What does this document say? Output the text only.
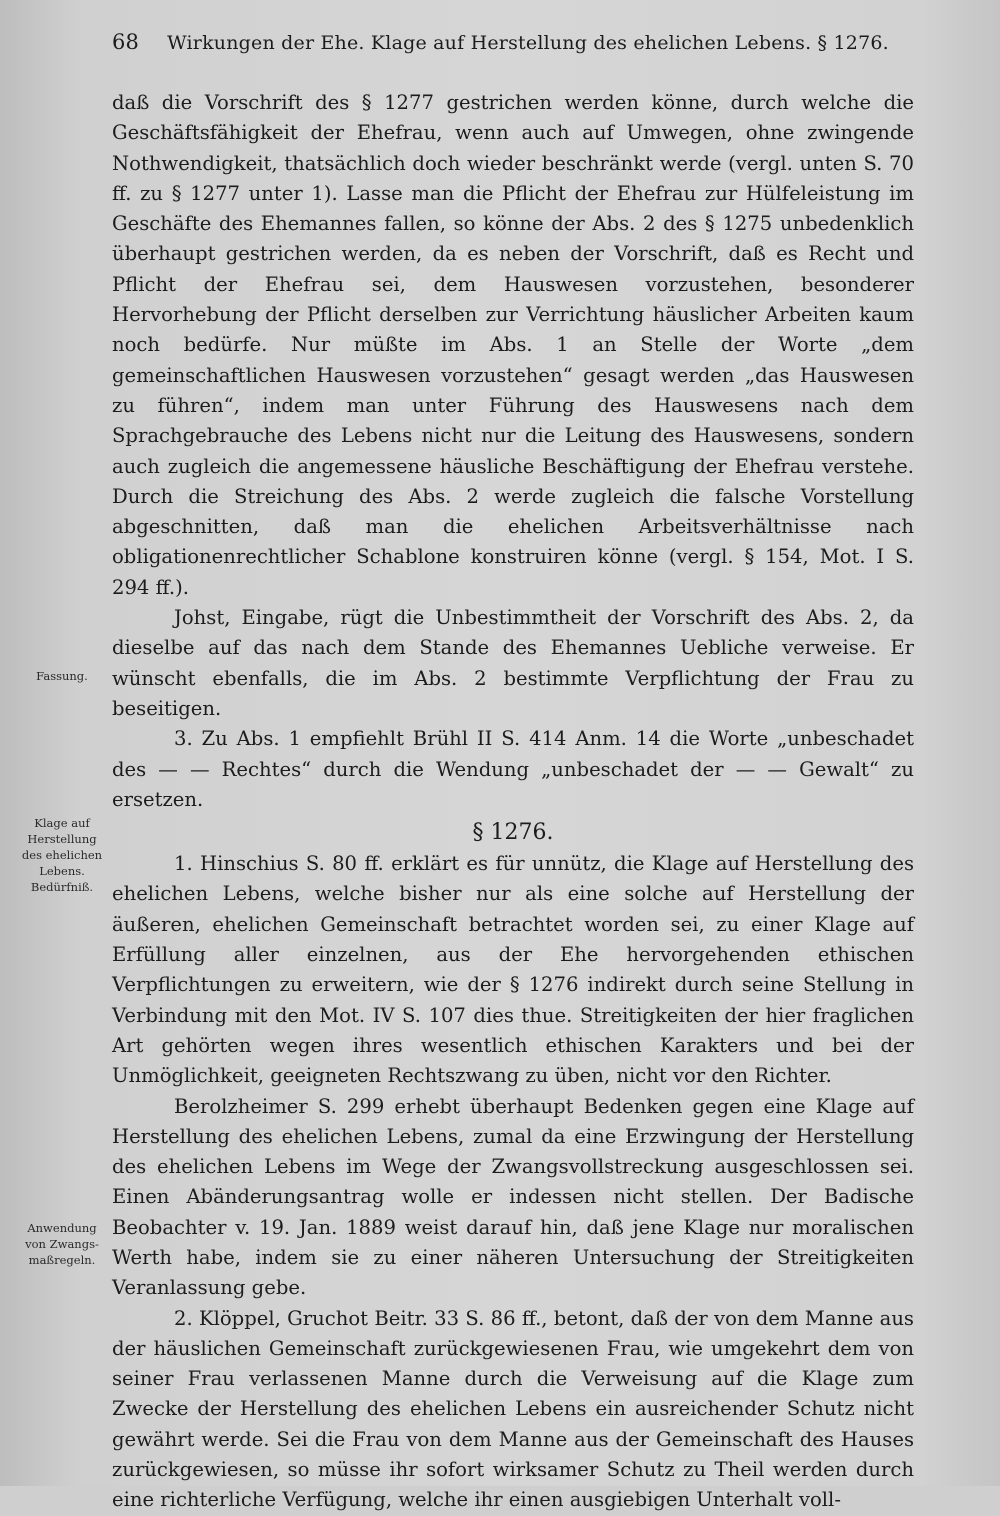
68 Wirkungen der Ehe. Klage auf Herstellung des ehelichen Lebens. § 1276.

daß die Vorschrift des § 1277 gestrichen werden könne, durch welche die Geschäftsfähigkeit der Ehefrau, wenn auch auf Umwegen, ohne zwingende Nothwendigkeit, thatsächlich doch wieder beschränkt werde (vergl. unten S. 70 ff. zu § 1277 unter 1). Lasse man die Pflicht der Ehefrau zur Hülfeleistung im Geschäfte des Ehemannes fallen, so könne der Abs. 2 des § 1275 unbedenklich überhaupt gestrichen werden, da es neben der Vorschrift, daß es Recht und Pflicht der Ehefrau sei, dem Hauswesen vorzustehen, besonderer Hervorhebung der Pflicht derselben zur Verrichtung häuslicher Arbeiten kaum noch bedürfe. Nur müßte im Abs. 1 an Stelle der Worte „dem gemeinschaftlichen Hauswesen vorzustehen“ gesagt werden „das Hauswesen zu führen“, indem man unter Führung des Hauswesens nach dem Sprachgebrauche des Lebens nicht nur die Leitung des Hauswesens, sondern auch zugleich die angemessene häusliche Beschäftigung der Ehefrau verstehe. Durch die Streichung des Abs. 2 werde zugleich die falsche Vorstellung abgeschnitten, daß man die ehelichen Arbeitsverhältnisse nach obligationenrechtlicher Schablone konstruiren könne (vergl. § 154, Mot. I S. 294 ff.).

Johst, Eingabe, rügt die Unbestimmtheit der Vorschrift des Abs. 2, da dieselbe auf das nach dem Stande des Ehemannes Uebliche verweise. Er wünscht ebenfalls, die im Abs. 2 bestimmte Verpflichtung der Frau zu beseitigen.

3. Zu Abs. 1 empfiehlt Brühl II S. 414 Anm. 14 die Worte „unbeschadet des — — Rechtes“ durch die Wendung „unbeschadet der — — Gewalt“ zu ersetzen.

§ 1276.

1. Hinschius S. 80 ff. erklärt es für unnütz, die Klage auf Herstellung des ehelichen Lebens, welche bisher nur als eine solche auf Herstellung der äußeren, ehelichen Gemeinschaft betrachtet worden sei, zu einer Klage auf Erfüllung aller einzelnen, aus der Ehe hervorgehenden ethischen Verpflichtungen zu erweitern, wie der § 1276 indirekt durch seine Stellung in Verbindung mit den Mot. IV S. 107 dies thue. Streitigkeiten der hier fraglichen Art gehörten wegen ihres wesentlich ethischen Karakters und bei der Unmöglichkeit, geeigneten Rechtszwang zu üben, nicht vor den Richter.

Berolzheimer S. 299 erhebt überhaupt Bedenken gegen eine Klage auf Herstellung des ehelichen Lebens, zumal da eine Erzwingung der Herstellung des ehelichen Lebens im Wege der Zwangsvollstreckung ausgeschlossen sei. Einen Abänderungsantrag wolle er indessen nicht stellen. Der Badische Beobachter v. 19. Jan. 1889 weist darauf hin, daß jene Klage nur moralischen Werth habe, indem sie zu einer näheren Untersuchung der Streitigkeiten Veranlassung gebe.

2. Klöppel, Gruchot Beitr. 33 S. 86 ff., betont, daß der von dem Manne aus der häuslichen Gemeinschaft zurückgewiesenen Frau, wie umgekehrt dem von seiner Frau verlassenen Manne durch die Verweisung auf die Klage zum Zwecke der Herstellung des ehelichen Lebens ein ausreichender Schutz nicht gewährt werde. Sei die Frau von dem Manne aus der Gemeinschaft des Hauses zurückgewiesen, so müsse ihr sofort wirksamer Schutz zu Theil werden durch eine richterliche Verfügung, welche ihr einen ausgiebigen Unterhalt voll-

Fassung.
Klage auf
Herstellung
des ehelichen
Lebens.
Bedürfniß.
Anwendung
von Zwangs-
maßregeln.
